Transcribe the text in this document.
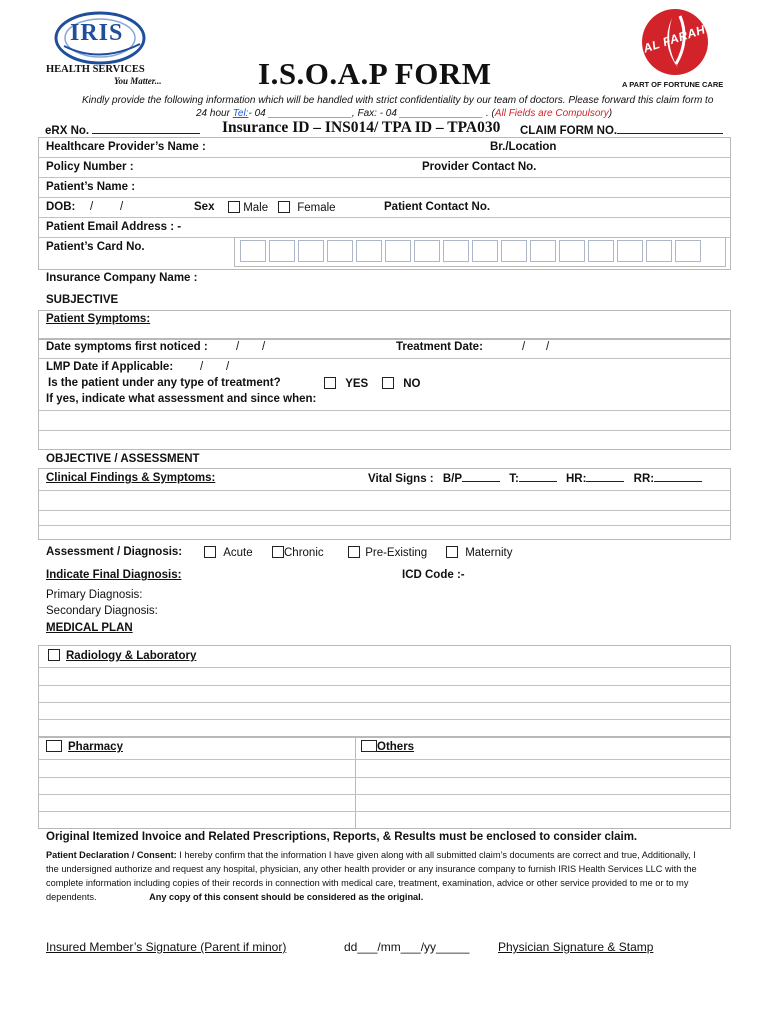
IRIS
HEALTH SERVICES
You Matter...	I.S.O.A.P FORM
AL FARAH
A PART OF FORTUNE CARE
Kindly provide the following information which will be handled with strict confidentiality by our team of doctors. Please forward this claim form to
24 hour Tel:- 04 _______________, Fax: - 04 _______________ . (All Fields are Compulsory)
eRX No.	Insurance ID – INS014/ TPA ID – TPA030 CLAIM FORM NO.
Healthcare Provider’s Name :	Br./Location
Policy Number :	Provider Contact No.
Patient’s Name :
DOB: / /	Sex	Male	Female	Patient Contact No.
Patient Email Address : -
Patient’s Card No.
Insurance Company Name :
SUBJECTIVE
Patient Symptoms:
Date symptoms first noticed : / /	Treatment Date:	/ /
LMP Date if Applicable: / /
Is the patient under any type of treatment?	YES	NO
If yes, indicate what assessment and since when:
OBJECTIVE / ASSESSMENT
Clinical Findings & Symptoms:	Vital Signs : B/P	T:	HR:	RR:
Assessment / Diagnosis:	Acute	Chronic	Pre-Existing	Maternity
Indicate Final Diagnosis:	ICD Code :-
Primary Diagnosis:
Secondary Diagnosis:
MEDICAL PLAN
Radiology & Laboratory
Pharmacy	Others
Original Itemized Invoice and Related Prescriptions, Reports, & Results must be enclosed to consider claim.
Patient Declaration / Consent: I hereby confirm that the information I have given along with all submitted claim’s documents are correct and true, Additionally, I
the undersigned authorize and request any hospital, physician, any other health provider or any insurance company to furnish IRIS Health Services LLC with the
complete information including copies of their records in connection with medical care, treatment, examination, advice or other service provided to me or to my
dependents.	Any copy of this consent should be considered as the original.
Insured Member’s Signature (Parent if minor)	dd___/mm___/yy_____ Physician Signature & Stamp
